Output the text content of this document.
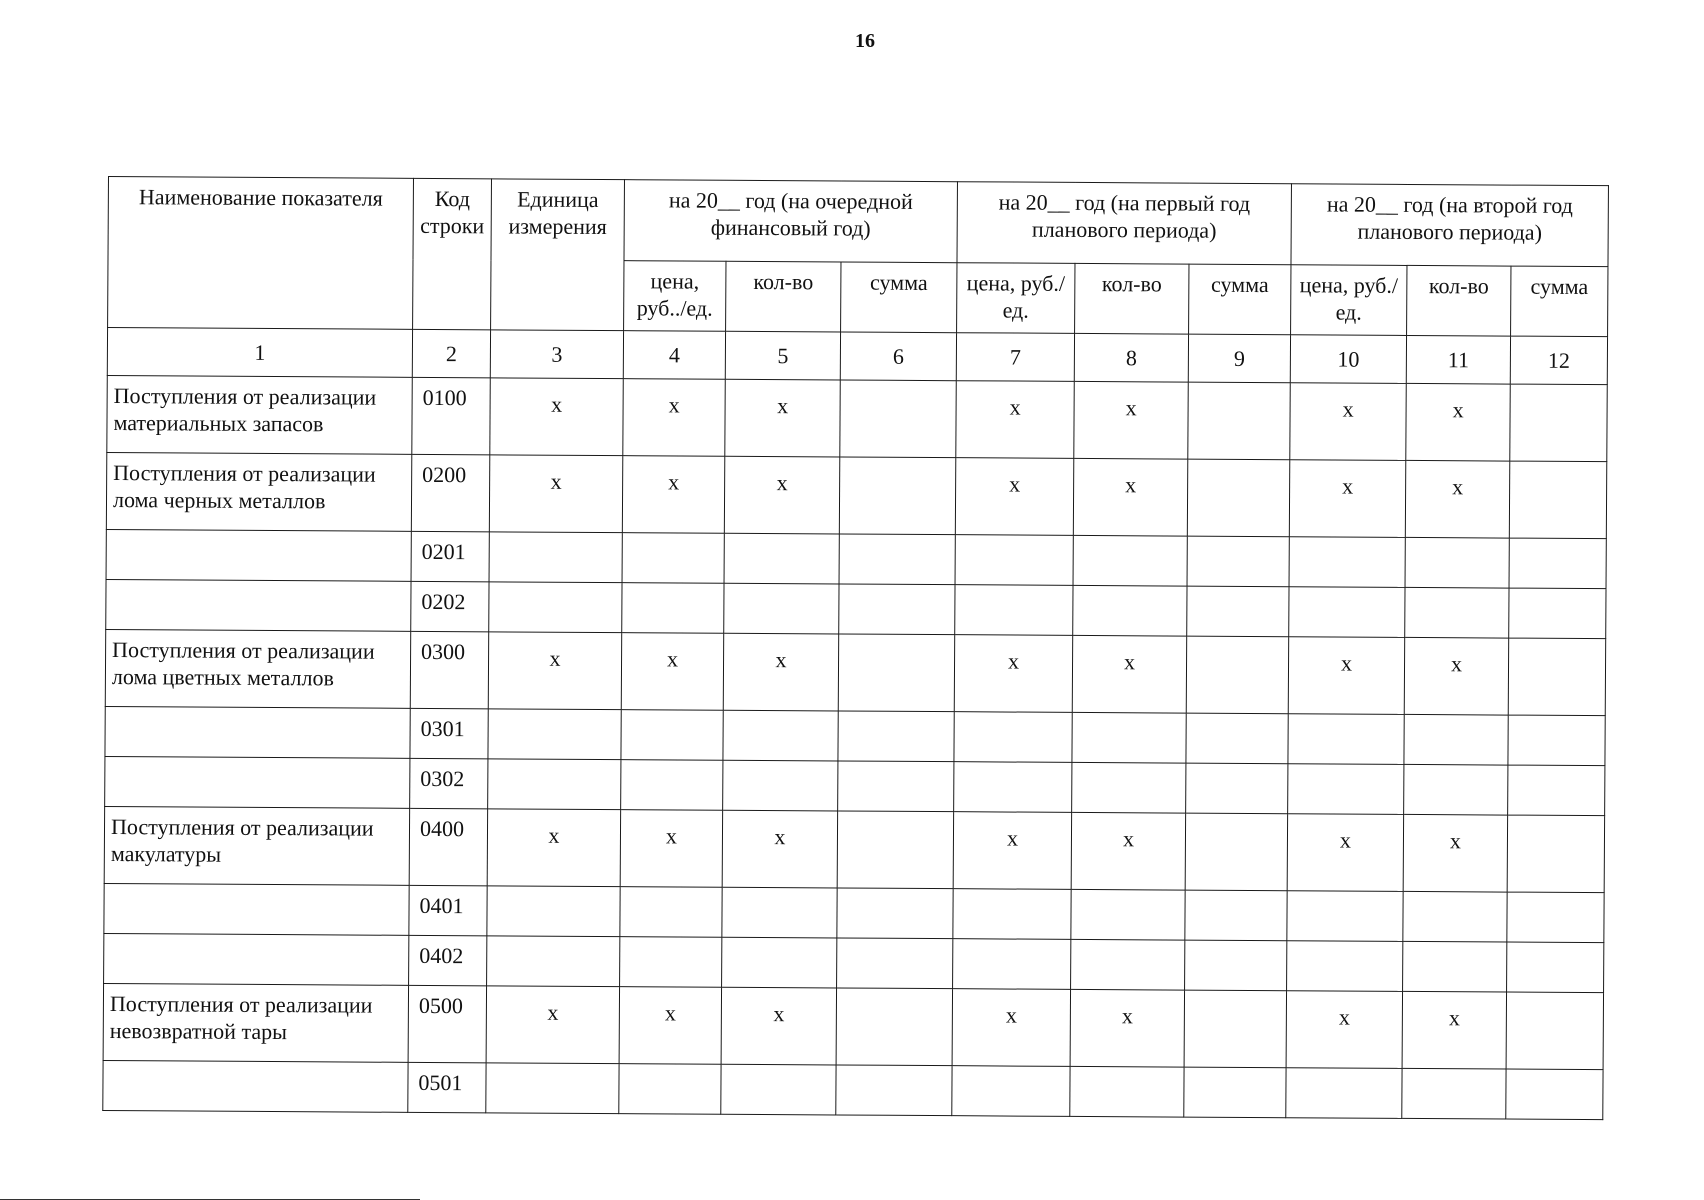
16
Наименование показателя	Код строки	Единица измерения	на 20__ год (на очередной финансовый год)			на 20__ год (на первый год планового периода)			на 20__ год (на второй год планового периода)		
			цена, руб../ед.	кол-во	сумма	цена, руб./ед.	кол-во	сумма	цена, руб./ед.	кол-во	сумма
1	2	3	4	5	6	7	8	9	10	11	12
Поступления от реализации материальных запасов	0100	x	x	x		x	x		x	x	
Поступления от реализации лома черных металлов	0200	x	x	x		x	x		x	x	
	0201										
	0202										
Поступления от реализации лома цветных металлов	0300	x	x	x		x	x		x	x	
	0301										
	0302										
Поступления от реализации макулатуры	0400	x	x	x		x	x		x	x	
	0401										
	0402										
Поступления от реализации невозвратной тары	0500	x	x	x		x	x		x	x	
	0501										
